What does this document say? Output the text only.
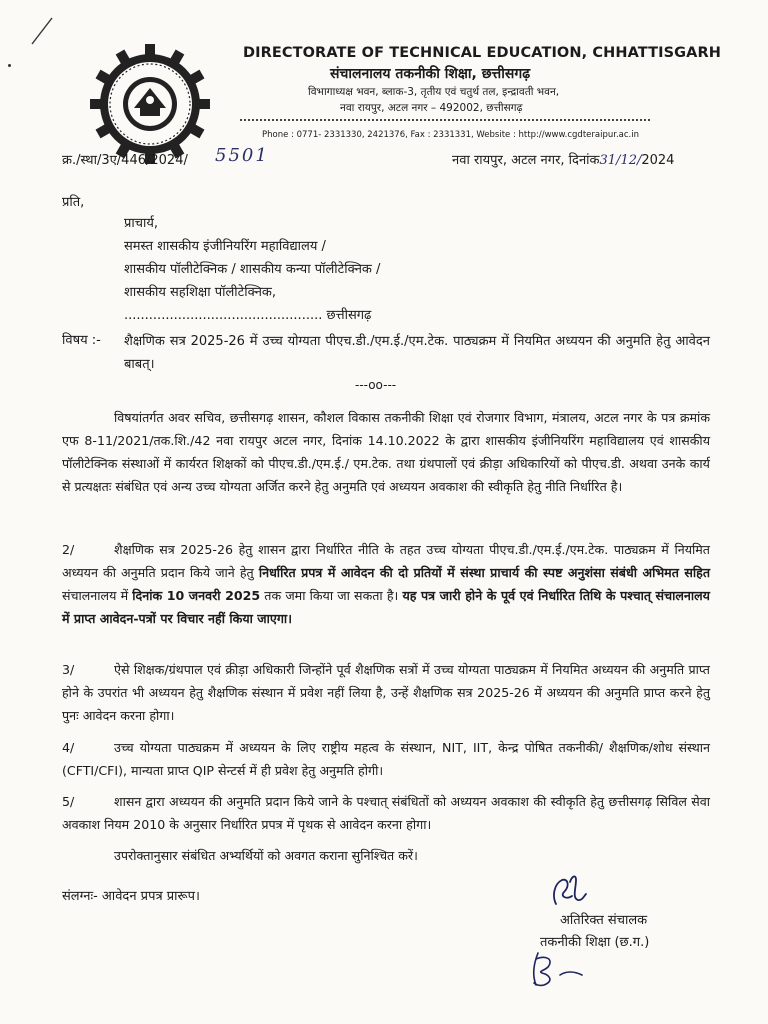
DIRECTORATE OF TECHNICAL EDUCATION, CHHATTISGARH
संचालनालय तकनीकी शिक्षा, छत्तीसगढ़
विभागाध्यक्ष भवन, ब्लाक-3, तृतीय एवं चतुर्थ तल, इन्द्रावती भवन,
नवा रायपुर, अटल नगर – 492002, छत्तीसगढ़
Phone : 0771- 2331330, 2421376, Fax : 2331331, Website : http://www.cgdteraipur.ac.in
क्र./स्था/3ए/446/2024/ 5501	नवा रायपुर, अटल नगर, दिनांक31/12/2024
प्रति,
प्राचार्य,
समस्त शासकीय इंजीनियरिंग महाविद्यालय /
शासकीय पॉलीटेक्निक / शासकीय कन्या पॉलीटेक्निक /
शासकीय सहशिक्षा पॉलीटेक्निक,
................................................ छत्तीसगढ़
विषय :- शैक्षणिक सत्र 2025-26 में उच्च योग्यता पीएच.डी./एम.ई./एम.टेक. पाठ्यक्रम में नियमित अध्ययन की अनुमति हेतु आवेदन बाबत्।
---oo---
विषयांतर्गत अवर सचिव, छत्तीसगढ़ शासन, कौशल विकास तकनीकी शिक्षा एवं रोजगार विभाग, मंत्रालय, अटल नगर के पत्र क्रमांक एफ 8-11/2021/तक.शि./42 नवा रायपुर अटल नगर, दिनांक 14.10.2022 के द्वारा शासकीय इंजीनियरिंग महाविद्यालय एवं शासकीय पॉलीटेक्निक संस्थाओं में कार्यरत शिक्षकों को पीएच.डी./एम.ई./ एम.टेक. तथा ग्रंथपालों एवं क्रीड़ा अधिकारियों को पीएच.डी. अथवा उनके कार्य से प्रत्यक्षतः संबंधित एवं अन्य उच्च योग्यता अर्जित करने हेतु अनुमति एवं अध्ययन अवकाश की स्वीकृति हेतु नीति निर्धारित है।
2/	शैक्षणिक सत्र 2025-26 हेतु शासन द्वारा निर्धारित नीति के तहत उच्च योग्यता पीएच.डी./एम.ई./एम.टेक. पाठ्यक्रम में नियमित अध्ययन की अनुमति प्रदान किये जाने हेतु निर्धारित प्रपत्र में आवेदन की दो प्रतियों में संस्था प्राचार्य की स्पष्ट अनुशंसा संबंधी अभिमत सहित संचालनालय में दिनांक 10 जनवरी 2025 तक जमा किया जा सकता है। यह पत्र जारी होने के पूर्व एवं निर्धारित तिथि के पश्चात् संचालनालय में प्राप्त आवेदन-पत्रों पर विचार नहीं किया जाएगा।
3/	ऐसे शिक्षक/ग्रंथपाल एवं क्रीड़ा अधिकारी जिन्होंने पूर्व शैक्षणिक सत्रों में उच्च योग्यता पाठ्यक्रम में नियमित अध्ययन की अनुमति प्राप्त होने के उपरांत भी अध्ययन हेतु शैक्षणिक संस्थान में प्रवेश नहीं लिया है, उन्हें शैक्षणिक सत्र 2025-26 में अध्ययन की अनुमति प्राप्त करने हेतु पुनः आवेदन करना होगा।
4/	उच्च योग्यता पाठ्यक्रम में अध्ययन के लिए राष्ट्रीय महत्व के संस्थान, NIT, IIT, केन्द्र पोषित तकनीकी/ शैक्षणिक/शोध संस्थान (CFTI/CFI), मान्यता प्राप्त QIP सेन्टर्स में ही प्रवेश हेतु अनुमति होगी।
5/	शासन द्वारा अध्ययन की अनुमति प्रदान किये जाने के पश्चात् संबंधितों को अध्ययन अवकाश की स्वीकृति हेतु छत्तीसगढ़ सिविल सेवा अवकाश नियम 2010 के अनुसार निर्धारित प्रपत्र में पृथक से आवेदन करना होगा।
उपरोक्तानुसार संबंधित अभ्यर्थियों को अवगत कराना सुनिश्चित करें।
संलग्नः- आवेदन प्रपत्र प्रारूप।
अतिरिक्त संचालक
तकनीकी शिक्षा (छ.ग.)
